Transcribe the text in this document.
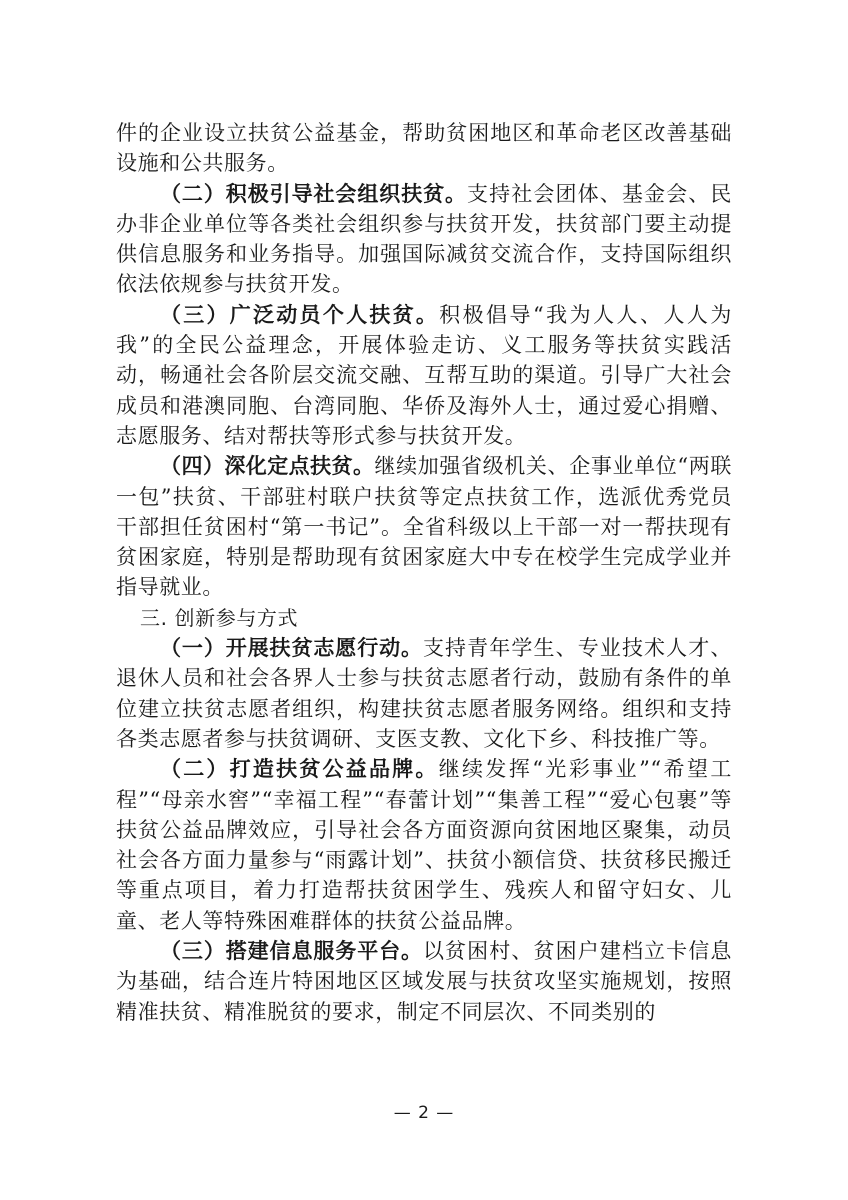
件的企业设立扶贫公益基金，帮助贫困地区和革命老区改善基础设施和公共服务。

（二）积极引导社会组织扶贫。支持社会团体、基金会、民办非企业单位等各类社会组织参与扶贫开发，扶贫部门要主动提供信息服务和业务指导。加强国际减贫交流合作，支持国际组织依法依规参与扶贫开发。

（三）广泛动员个人扶贫。积极倡导“我为人人、人人为我”的全民公益理念，开展体验走访、义工服务等扶贫实践活动，畅通社会各阶层交流交融、互帮互助的渠道。引导广大社会成员和港澳同胞、台湾同胞、华侨及海外人士，通过爱心捐赠、志愿服务、结对帮扶等形式参与扶贫开发。

（四）深化定点扶贫。继续加强省级机关、企事业单位“两联一包”扶贫、干部驻村联户扶贫等定点扶贫工作，选派优秀党员干部担任贫困村“第一书记”。全省科级以上干部一对一帮扶现有贫困家庭，特别是帮助现有贫困家庭大中专在校学生完成学业并指导就业。

三. 创新参与方式

（一）开展扶贫志愿行动。支持青年学生、专业技术人才、退休人员和社会各界人士参与扶贫志愿者行动，鼓励有条件的单位建立扶贫志愿者组织，构建扶贫志愿者服务网络。组织和支持各类志愿者参与扶贫调研、支医支教、文化下乡、科技推广等。

（二）打造扶贫公益品牌。继续发挥“光彩事业”“希望工程”“母亲水窖”“幸福工程”“春蕾计划”“集善工程”“爱心包裹”等扶贫公益品牌效应，引导社会各方面资源向贫困地区聚集，动员社会各方面力量参与“雨露计划”、扶贫小额信贷、扶贫移民搬迁等重点项目，着力打造帮扶贫困学生、残疾人和留守妇女、儿童、老人等特殊困难群体的扶贫公益品牌。

（三）搭建信息服务平台。以贫困村、贫困户建档立卡信息为基础，结合连片特困地区区域发展与扶贫攻坚实施规划，按照精准扶贫、精准脱贫的要求，制定不同层次、不同类别的

— 2 —
